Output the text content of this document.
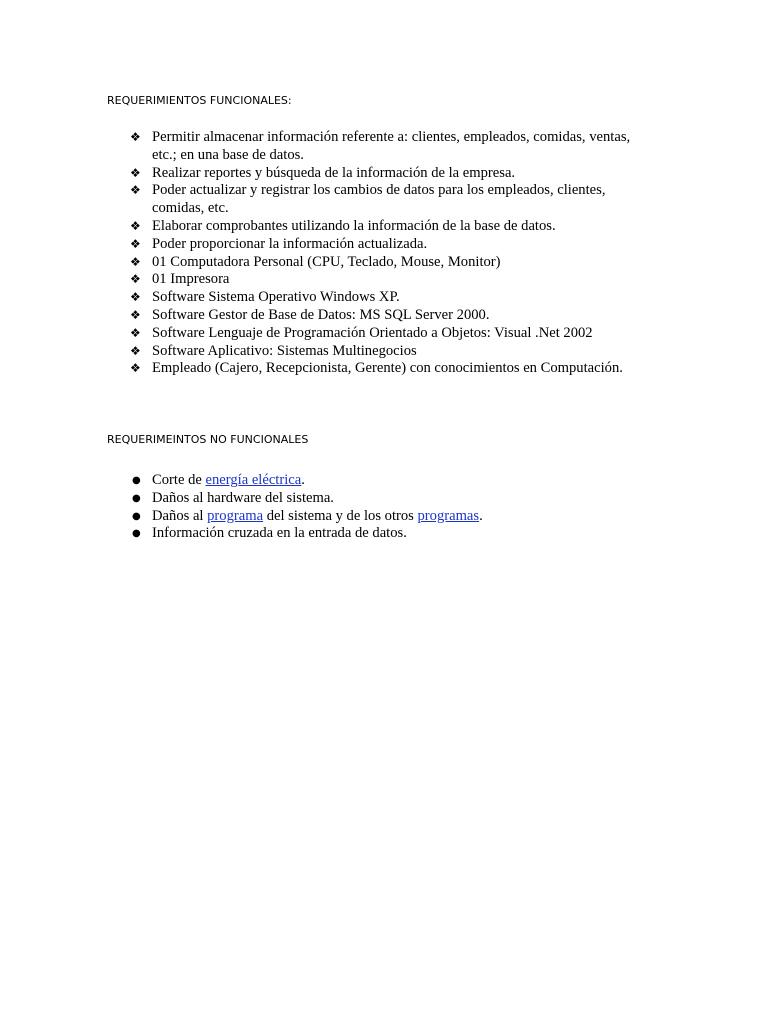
REQUERIMIENTOS FUNCIONALES:
❖ Permitir almacenar información referente a: clientes, empleados, comidas, ventas, etc.; en una base de datos.
❖ Realizar reportes y búsqueda de la información de la empresa.
❖ Poder actualizar y registrar los cambios de datos para los empleados, clientes, comidas, etc.
❖ Elaborar comprobantes utilizando la información de la base de datos.
❖ Poder proporcionar la información actualizada.
❖ 01 Computadora Personal (CPU, Teclado, Mouse, Monitor)
❖ 01 Impresora
❖ Software Sistema Operativo Windows XP.
❖ Software Gestor de Base de Datos: MS SQL Server 2000.
❖ Software Lenguaje de Programación Orientado a Objetos: Visual .Net 2002
❖ Software Aplicativo: Sistemas Multinegocios
❖ Empleado (Cajero, Recepcionista, Gerente) con conocimientos en Computación.
REQUERIMEINTOS NO FUNCIONALES
● Corte de energía eléctrica.
● Daños al hardware del sistema.
● Daños al programa del sistema y de los otros programas.
● Información cruzada en la entrada de datos.
